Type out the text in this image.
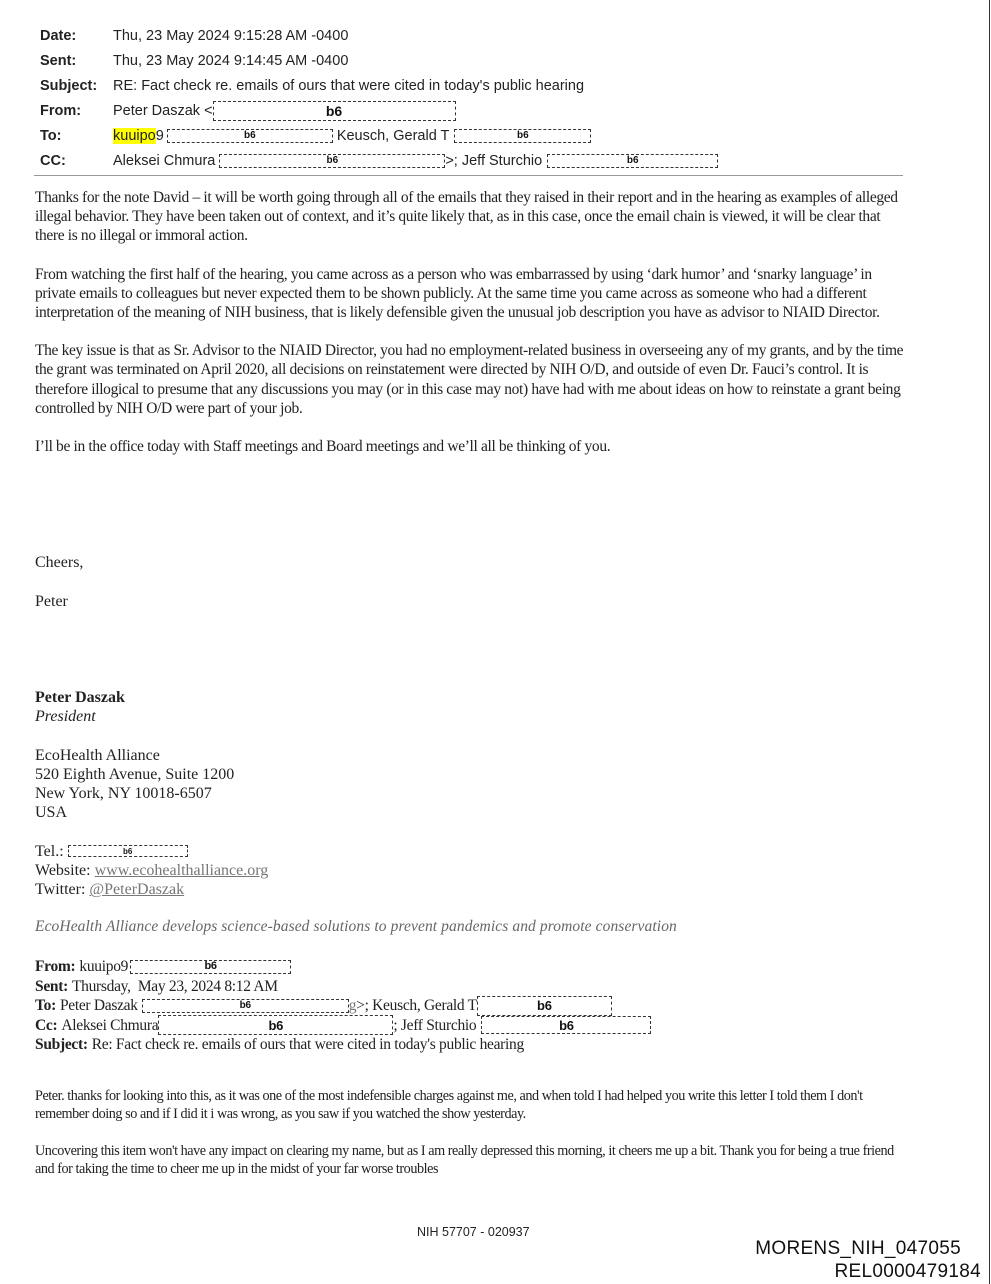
Date:	Thu, 23 May 2024 9:15:28 AM -0400
Sent:	Thu, 23 May 2024 9:14:45 AM -0400
Subject:	RE: Fact check re. emails of ours that were cited in today's public hearing
From:	Peter Daszak <	b6
To:	kuuipo 9	b6	Keusch, Gerald T	b6
CC:	Aleksei Chmura	b6	>; Jeff Sturchio	b6

Thanks for the note David – it will be worth going through all of the emails that they raised in their report and in the hearing as examples of alleged illegal behavior. They have been taken out of context, and it’s quite likely that, as in this case, once the email chain is viewed, it will be clear that there is no illegal or immoral action.

From watching the first half of the hearing, you came across as a person who was embarrassed by using ‘dark humor’ and ‘snarky language’ in private emails to colleagues but never expected them to be shown publicly. At the same time you came across as someone who had a different interpretation of the meaning of NIH business, that is likely defensible given the unusual job description you have as advisor to NIAID Director.

The key issue is that as Sr. Advisor to the NIAID Director, you had no employment-related business in overseeing any of my grants, and by the time the grant was terminated on April 2020, all decisions on reinstatement were directed by NIH O/D, and outside of even Dr. Fauci’s control. It is therefore illogical to presume that any discussions you may (or in this case may not) have had with me about ideas on how to reinstate a grant being controlled by NIH O/D were part of your job.

I’ll be in the office today with Staff meetings and Board meetings and we’ll all be thinking of you.

Cheers,
Peter
Peter Daszak
President
EcoHealth Alliance
520 Eighth Avenue, Suite 1200
New York, NY 10018-6507
USA
Tel.:	b6
Website: www.ecohealthalliance.org
Twitter: @PeterDaszak
EcoHealth Alliance develops science-based solutions to prevent pandemics and promote conservation
From: kuuipo9	b6
Sent: Thursday,  May 23, 2024 8:12 AM
To: Peter Daszak	b6	g >; Keusch, Gerald T	b6
Cc: Aleksei Chmura	b6	; Jeff Sturchio	b6
Subject: Re: Fact check re. emails of ours that were cited in today's public hearing

Peter. thanks for looking into this, as it was one of the most indefensible charges against me, and when told I had helped you write this letter I told them I don't remember doing so and if I did it i was wrong, as you saw if you watched the show yesterday.

Uncovering this item won't have any impact on clearing my name, but as I am really depressed this morning, it cheers me up a bit. Thank you for being a true friend and for taking the time to cheer me up in the midst of your far worse troubles

NIH 57707 - 020937
MORENS_NIH_047055
REL0000479184
